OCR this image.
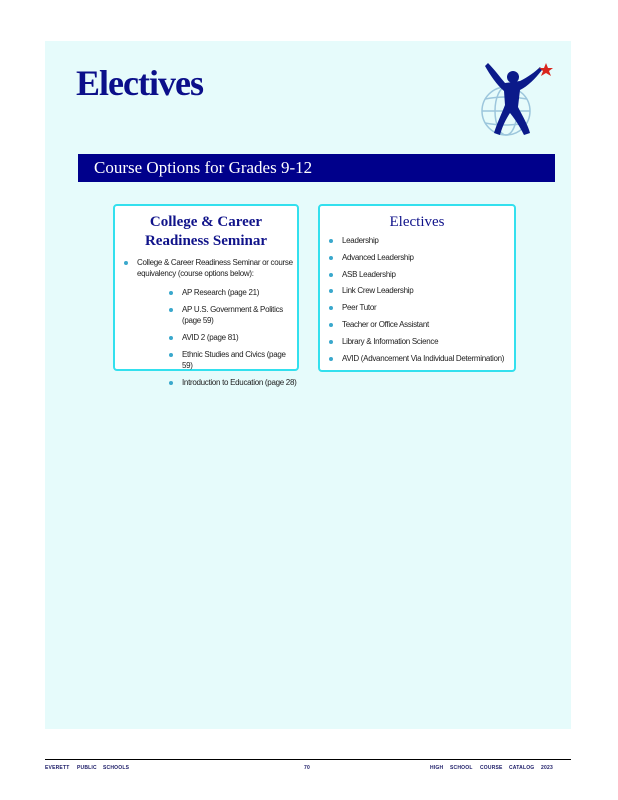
Electives
Course Options for Grades 9-12
College & Career
Readiness Seminar
College & Career Readiness Seminar or course equivalency (course options below):
AP Research (page 21)
AP U.S. Government & Politics (page 59)
AVID 2 (page 81)
Ethnic Studies and Civics (page 59)
Introduction to Education (page 28)
Electives
Leadership
Advanced Leadership
ASB Leadership
Link Crew Leadership
Peer Tutor
Teacher or Office Assistant
Library & Information Science
AVID (Advancement Via Individual Determination)
EVERETT PUBLIC SCHOOLS	70	HIGH SCHOOL COURSE CATALOG 2023
